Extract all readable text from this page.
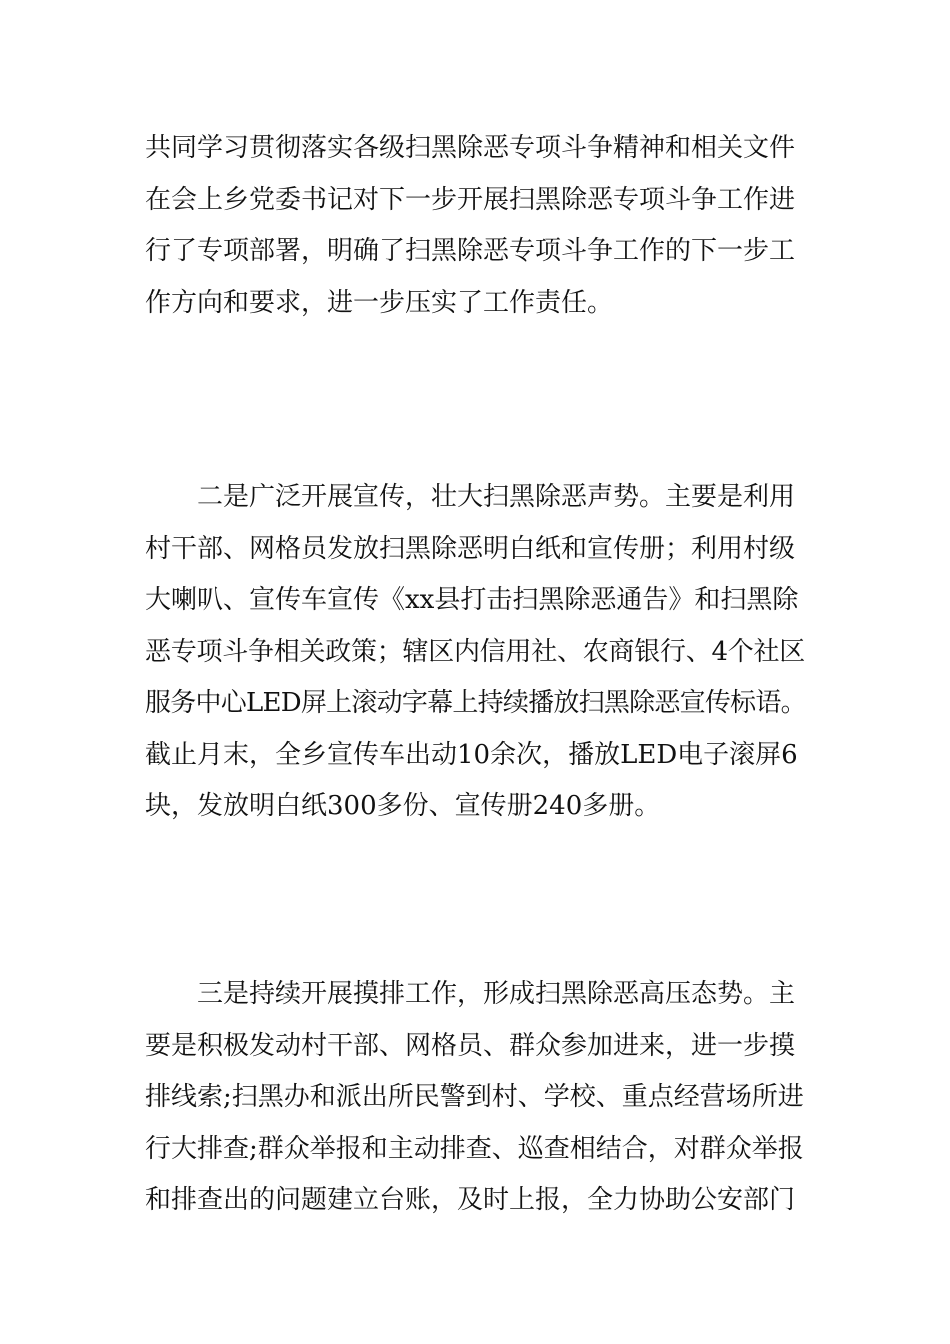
共同学习贯彻落实各级扫黑除恶专项斗争精神和相关文件
在会上乡党委书记对下一步开展扫黑除恶专项斗争工作进
行了专项部署，明确了扫黑除恶专项斗争工作的下一步工
作方向和要求，进一步压实了工作责任。
二是广泛开展宣传，壮大扫黑除恶声势。主要是利用
村干部、网格员发放扫黑除恶明白纸和宣传册；利用村级
大喇叭、宣传车宣传《xx县打击扫黑除恶通告》和扫黑除
恶专项斗争相关政策；辖区内信用社、农商银行、4个社区
服务中心LED屏上滚动字幕上持续播放扫黑除恶宣传标语。
截止月末，全乡宣传车出动10余次，播放LED电子滚屏6
块，发放明白纸300多份、宣传册240多册。
三是持续开展摸排工作，形成扫黑除恶高压态势。主
要是积极发动村干部、网格员、群众参加进来，进一步摸
排线索;扫黑办和派出所民警到村、学校、重点经营场所进
行大排查;群众举报和主动排查、巡查相结合，对群众举报
和排查出的问题建立台账，及时上报，全力协助公安部门
